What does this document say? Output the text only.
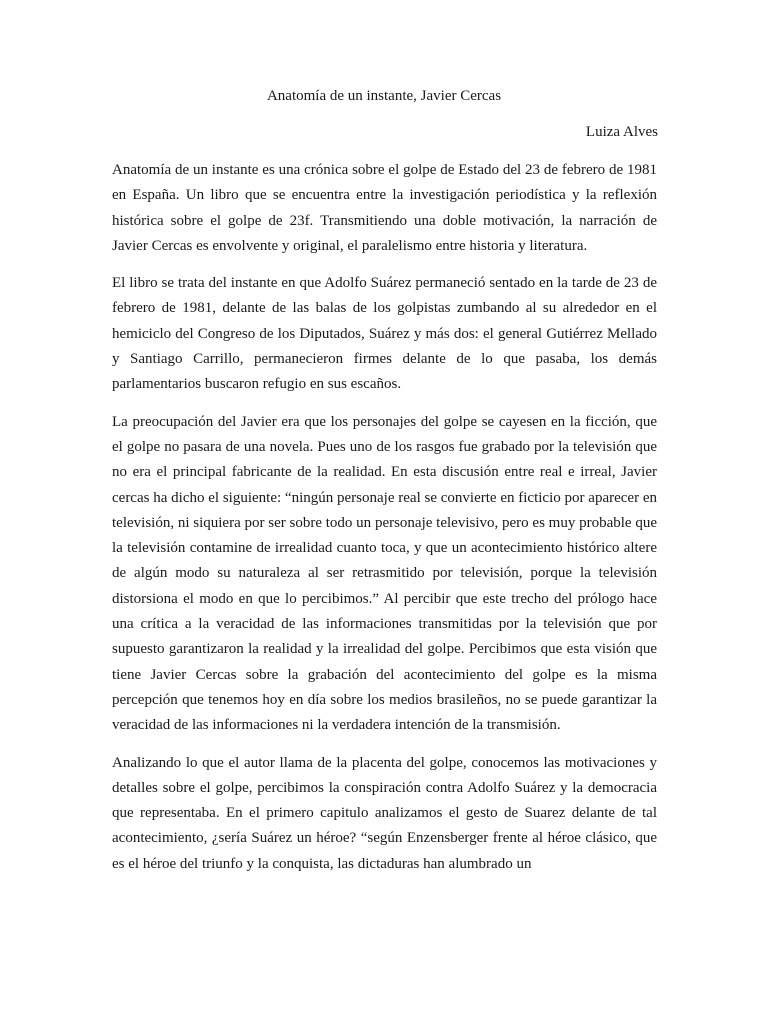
Anatomía de un instante, Javier Cercas
Luiza Alves

Anatomía de un instante es una crónica sobre el golpe de Estado del 23 de febrero de 1981 en España. Un libro que se encuentra entre la investigación periodística y la reflexión histórica sobre el golpe de 23f. Transmitiendo una doble motivación, la narración de Javier Cercas es envolvente y original, el paralelismo entre historia y literatura.

El libro se trata del instante en que Adolfo Suárez permaneció sentado en la tarde de 23 de febrero de 1981, delante de las balas de los golpistas zumbando al su alrededor en el hemiciclo del Congreso de los Diputados, Suárez y más dos: el general Gutiérrez Mellado y Santiago Carrillo, permanecieron firmes delante de lo que pasaba, los demás parlamentarios buscaron refugio en sus escaños.

La preocupación del Javier era que los personajes del golpe se cayesen en la ficción, que el golpe no pasara de una novela. Pues uno de los rasgos fue grabado por la televisión que no era el principal fabricante de la realidad. En esta discusión entre real e irreal, Javier cercas ha dicho el siguiente: “ningún personaje real se convierte en ficticio por aparecer en televisión, ni siquiera por ser sobre todo un personaje televisivo, pero es muy probable que la televisión contamine de irrealidad cuanto toca, y que un acontecimiento histórico altere de algún modo su naturaleza al ser retrasmitido por televisión, porque la televisión distorsiona el modo en que lo percibimos.” Al percibir que este trecho del prólogo hace una crítica a la veracidad de las informaciones transmitidas por la televisión que por supuesto garantizaron la realidad y la irrealidad del golpe. Percibimos que esta visión que tiene Javier Cercas sobre la grabación del acontecimiento del golpe es la misma percepción que tenemos hoy en día sobre los medios brasileños, no se puede garantizar la veracidad de las informaciones ni la verdadera intención de la transmisión.

Analizando lo que el autor llama de la placenta del golpe, conocemos las motivaciones y detalles sobre el golpe, percibimos la conspiración contra Adolfo Suárez y la democracia que representaba. En el primero capitulo analizamos el gesto de Suarez delante de tal acontecimiento, ¿sería Suárez un héroe? “según Enzensberger frente al héroe clásico, que es el héroe del triunfo y la conquista, las dictaduras han alumbrado un
